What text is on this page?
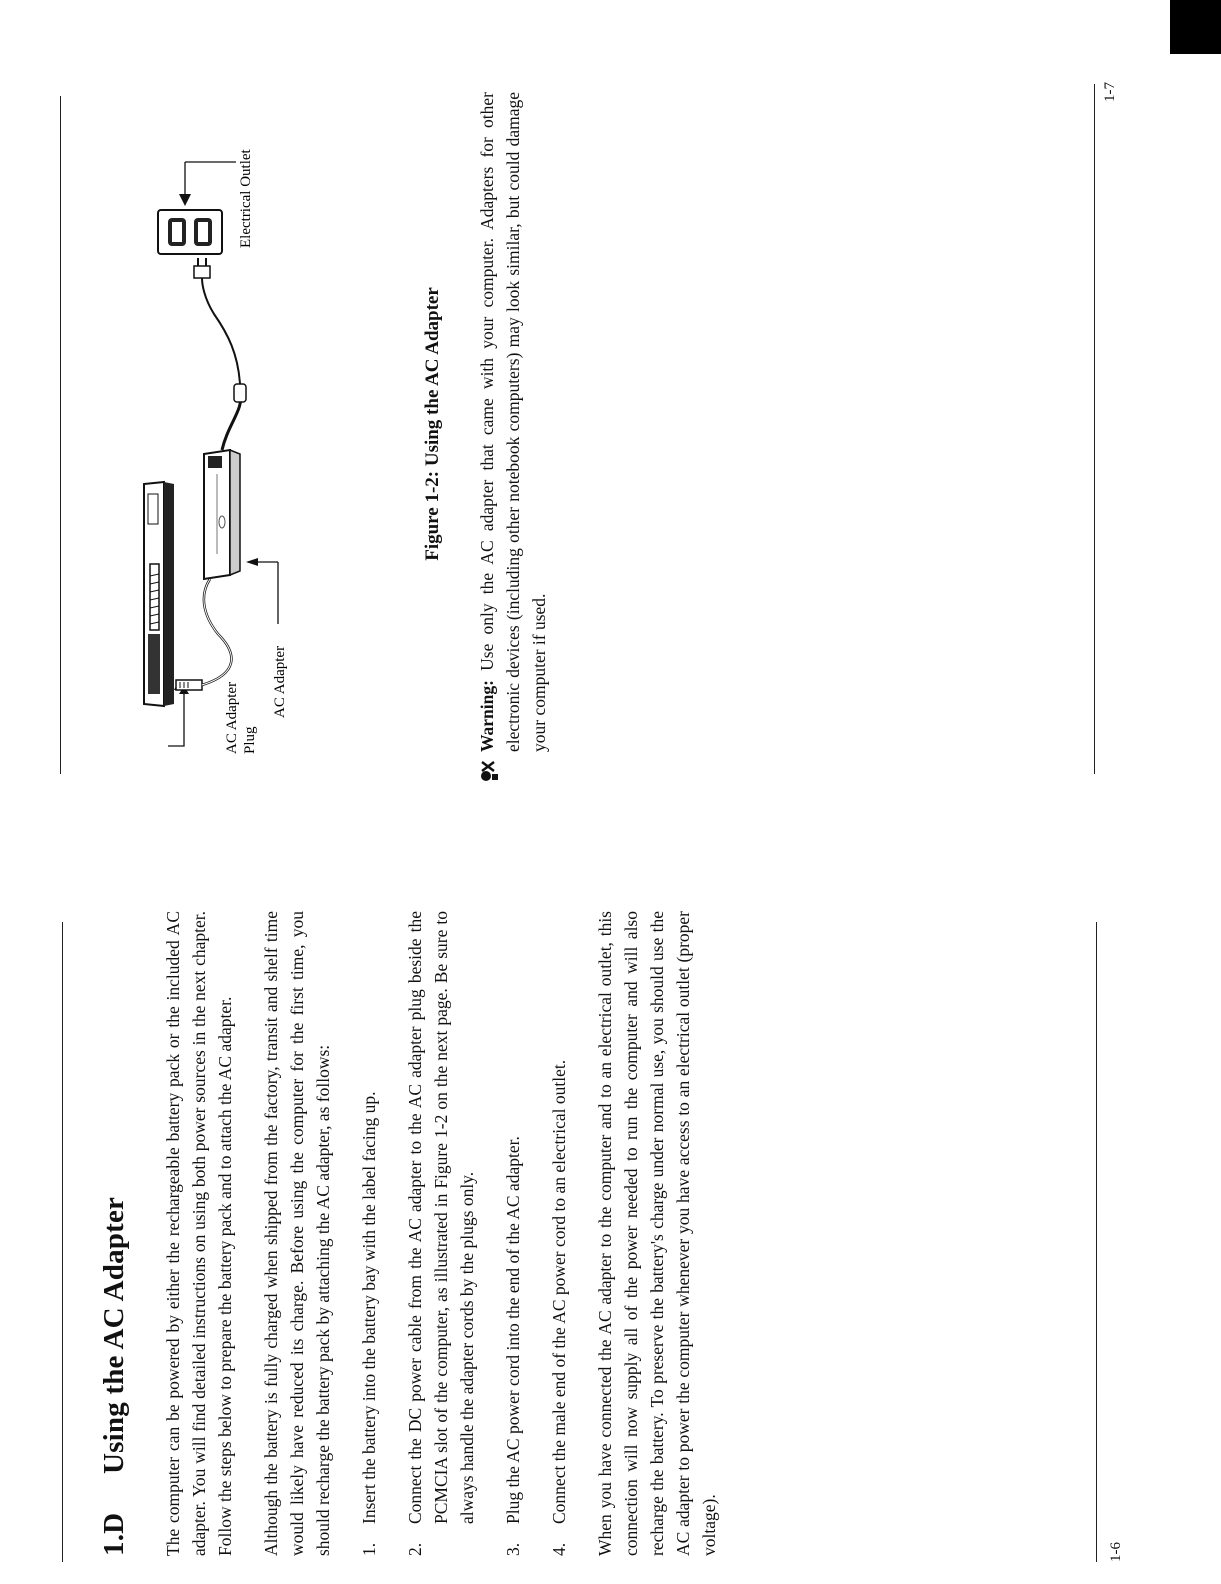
1.DUsing the AC Adapter The computer can be powered by either the rechargeable battery pack or the included AC adapter. You will find detailed instructions on using both power sources in the next chapter. Follow the steps below to prepare the battery pack and to attach the AC adapter. Although the battery is fully charged when shipped from the factory, transit and shelf time would likely have reduced its charge. Before using the computer for the first time, you should recharge the battery pack by attaching the AC adapter, as follows: 1.
Insert the battery into the battery bay with the label facing up.
2.
Connect the DC power cable from the AC adapter to the AC adapter plug beside the PCMCIA slot of the computer, as illustrated in Figure 1-2 on the next page. Be sure to always handle the adapter cords by the plugs only.
3.
Plug the AC power cord into the end of the AC adapter.
4.
Connect the male end of the AC power cord to an electrical outlet. When you have connected the AC adapter to the computer and to an electrical outlet, this connection will now supply all of the power needed to run the computer and will also recharge the battery. To preserve the battery's charge under normal use, you should use the AC adapter to power the computer whenever you have access to an electrical outlet (proper voltage).	1-6
AC Adapter Plug
AC Adapter
Electrical Outlet
Figure 1-2: Using the AC Adapter
Warning: Use only the AC adapter that came with your computer. Adapters for other electronic devices (including other notebook computers) may look similar, but could damage your computer if used.
1-7
